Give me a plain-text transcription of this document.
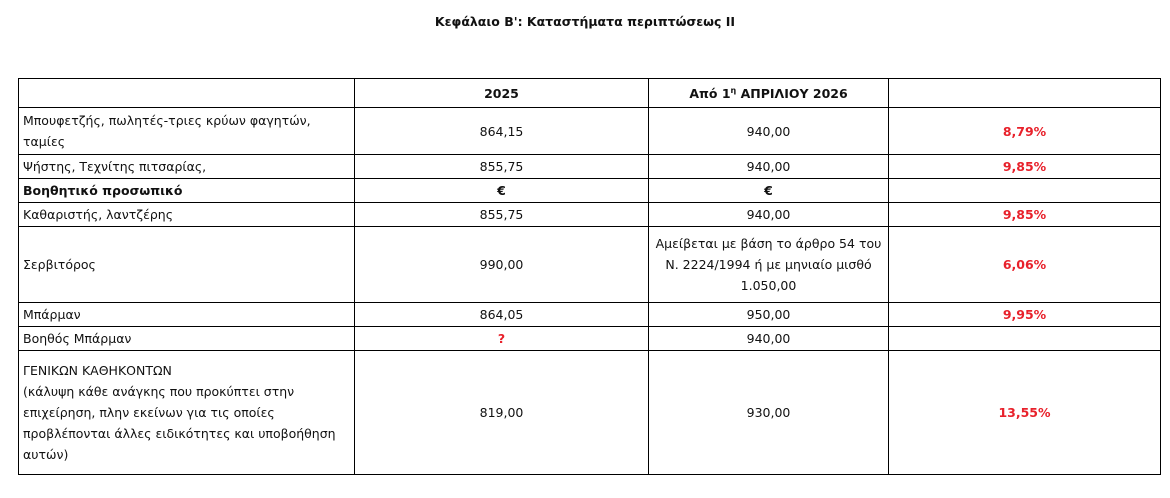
Κεφάλαιο Β': Καταστήματα περιπτώσεως ΙΙ
	2025	Από $1^\eta$ ΑΠΡΙΛΙΟΥ 2026	
Μπουφετζής, πωλητές-τριες κρύων φαγητών, ταμίες	864,15	940,00	8,79%
Ψήστης, Τεχνίτης πιτσαρίας,	855,75	940,00	9,85%
Βοηθητικό προσωπικό	€	€	
Καθαριστής, λαντζέρης	855,75	940,00	9,85%
Σερβιτόρος	990,00	Αμείβεται με βάση το άρθρο 54 του Ν. 2224/1994 ή με μηνιαίο μισθό 1.050,00	6,06%
Μπάρμαν	864,05	950,00	9,95%
Βοηθός Μπάρμαν	?	940,00	

ΓΕΝΙΚΩΝ ΚΑΘΗΚΟΝΤΩΝ
(κάλυψη κάθε ανάγκης που προκύπτει στην επιχείρηση, πλην εκείνων για τις οποίες προβλέπονται άλλες ειδικότητες και υποβοήθηση αυτών)	819,00	930,00	13,55%
